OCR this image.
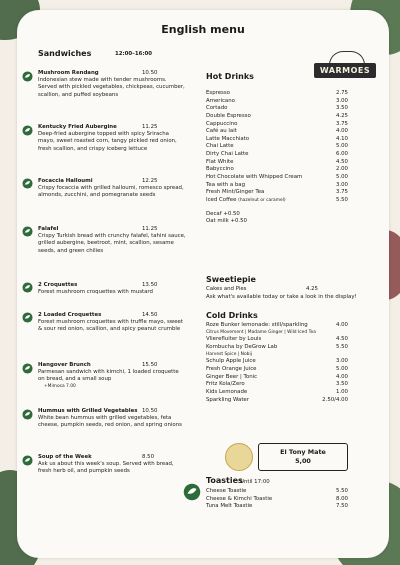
English menu
WARMOES
Sandwiches	12:00–16:00
Mushroom Rendang	10.50
Indonesian stew made with tender mushrooms. Served with pickled vegetables, chickpeas, cucumber, scallion, and puffed soybeans
Kentucky Fried Aubergine	11.25
Deep-fried aubergine topped with spicy Sriracha mayo, sweet roasted corn, tangy pickled red onion, fresh scallion, and crispy iceberg lettuce
Focaccia Halloumi	12.25
Crispy focaccia with grilled halloumi, romesco spread, almonds, zucchini, and pomegranate seeds
Falafel	11.25
Crispy Turkish bread with crunchy falafel, tahini sauce, grilled aubergine, beetroot, mint, scallion, sesame seeds, and green chilies
2 Croquettes	13.50
Forest mushroom croquettes with mustard
2 Loaded Croquettes	14.50
Forest mushroom croquettes with truffle mayo, sweet & sour red onion, scallion, and spicy peanut crumble
Hangover Brunch	15.50
Parmesan sandwich with kimchi, 1 loaded croquette on bread, and a small soup
+Mimosa 7.00
Hummus with Grilled Vegetables 10.50
White bean hummus with grilled vegetables, feta cheese, pumpkin seeds, red onion, and spring onions
Soup of the Week	8.50
Ask us about this week's soup. Served with bread, fresh herb oil, and pumpkin seeds
Hot Drinks
Espresso	2.75
Americano	3.00
Cortado	3.50
Double Espresso	4.25
Cappuccino	3.75
Café au lait	4.00
Latte Macchiato	4.10
Chai Latte	5.00
Dirty Chai Latte	6.00
Flat White	4.50
Babyccino	2.00
Hot Chocolate with Whipped Cream	5.00
Tea with a bag	3.00
Fresh Mint/Ginger Tea	3.75
Iced Coffee (hazelnut or caramel)	5.50
Decaf +0.50
Oat milk +0.50
Sweetiepie
Cakes and Pies	4.25
Ask what's available today or take a look in the display!
Cold Drinks
Roze Bunker lemonade: still/sparkling	4.00
Citrus Movement | Madame Ginger | Wild Iced Tea
Vlierefluiter by Louis	4.50
Kombucha by DeGrow Lab	5.50
Harvest Spice | Nobij
Schulp Apple Juice	3.00
Fresh Orange Juice	5.00
Ginger Beer | Tonic	4.00
Fritz Kola/Zero	3.50
Kids Lemonade	1.00
Sparkling Water	2.50/4.00
El Tony Mate
5,00
Toasties
Until 17:00
Cheese Toastie	5.50
Cheese & Kimchi Toastie	8.00
Tuna Melt Toastie	7.50
